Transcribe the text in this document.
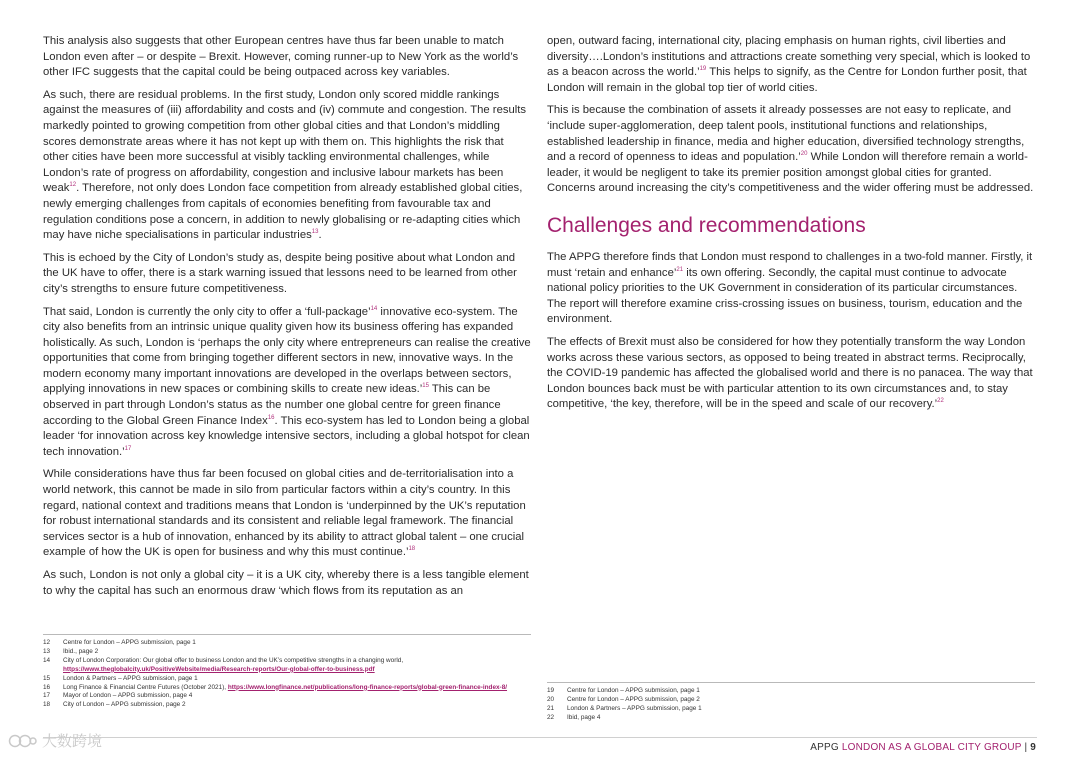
This analysis also suggests that other European centres have thus far been unable to match London even after – or despite – Brexit. However, coming runner-up to New York as the world’s other IFC suggests that the capital could be being outpaced across key variables.

As such, there are residual problems. In the first study, London only scored middle rankings against the measures of (iii) affordability and costs and (iv) commute and congestion. The results markedly pointed to growing competition from other global cities and that London’s middling scores demonstrate areas where it has not kept up with them on. This highlights the risk that other cities have been more successful at visibly tackling environmental challenges, while London’s rate of progress on affordability, congestion and inclusive labour markets has been weak$^{12}$. Therefore, not only does London face competition from already established global cities, newly emerging challenges from capitals of economies benefiting from favourable tax and regulation conditions pose a concern, in addition to newly globalising or re-adapting cities which may have niche specialisations in particular industries$^{13}$.

This is echoed by the City of London’s study as, despite being positive about what London and the UK have to offer, there is a stark warning issued that lessons need to be learned from other city’s strengths to ensure future competitiveness.

That said, London is currently the only city to offer a ‘full-package’$^{14}$ innovative eco-system. The city also benefits from an intrinsic unique quality given how its business offering has expanded holistically. As such, London is ‘perhaps the only city where entrepreneurs can realise the creative opportunities that come from bringing together different sectors in new, innovative ways. In the modern economy many important innovations are developed in the overlaps between sectors, applying innovations in new spaces or combining skills to create new ideas.’$^{15}$ This can be observed in part through London’s status as the number one global centre for green finance according to the Global Green Finance Index$^{16}$. This eco-system has led to London being a global leader ‘for innovation across key knowledge intensive sectors, including a global hotspot for clean tech innovation.’$^{17}$

While considerations have thus far been focused on global cities and de-territorialisation into a world network, this cannot be made in silo from particular factors within a city’s country. In this regard, national context and traditions means that London is ‘underpinned by the UK’s reputation for robust international standards and its consistent and reliable legal framework. The financial services sector is a hub of innovation, enhanced by its ability to attract global talent – one crucial example of how the UK is open for business and why this must continue.’$^{18}$

As such, London is not only a global city – it is a UK city, whereby there is a less tangible element to why the capital has such an enormous draw ‘which flows from its reputation as an

open, outward facing, international city, placing emphasis on human rights, civil liberties and diversity….London’s institutions and attractions create something very special, which is looked to as a beacon across the world.’$^{19}$ This helps to signify, as the Centre for London further posit, that London will remain in the global top tier of world cities.

This is because the combination of assets it already possesses are not easy to replicate, and ‘include super-agglomeration, deep talent pools, institutional functions and relationships, established leadership in finance, media and higher education, diversified technology strengths, and a record of openness to ideas and population.’$^{20}$ While London will therefore remain a world-leader, it would be negligent to take its premier position amongst global cities for granted. Concerns around increasing the city’s competitiveness and the wider offering must be addressed.

Challenges and recommendations

The APPG therefore finds that London must respond to challenges in a two-fold manner. Firstly, it must ‘retain and enhance’$^{21}$ its own offering. Secondly, the capital must continue to advocate national policy priorities to the UK Government in consideration of its particular circumstances. The report will therefore examine criss-crossing issues on business, tourism, education and the environment.

The effects of Brexit must also be considered for how they potentially transform the way London works across these various sectors, as opposed to being treated in abstract terms. Reciprocally, the COVID-19 pandemic has affected the globalised world and there is no panacea. The way that London bounces back must be with particular attention to its own circumstances and, to stay competitive, ‘the key, therefore, will be in the speed and scale of our recovery.’$^{22}$

12	Centre for London – APPG submission, page 1
13	Ibid., page 2
14	City of London Corporation: Our global offer to business London and the UK’s competitive strengths in a changing world, https://www.theglobalcity.uk/PositiveWebsite/media/Research-reports/Our-global-offer-to-business.pdf
15	London & Partners – APPG submission, page 1
16	Long Finance & Financial Centre Futures (October 2021), https://www.longfinance.net/publications/long-finance-reports/global-green-finance-index-8/
17	Mayor of London – APPG submission, page 4
18	City of London – APPG submission, page 2
19	Centre for London – APPG submission, page 1
20	Centre for London – APPG submission, page 2
21	London & Partners – APPG submission, page 1
22	Ibid, page 4
大数跨境	APPG LONDON AS A GLOBAL CITY GROUP | 9
